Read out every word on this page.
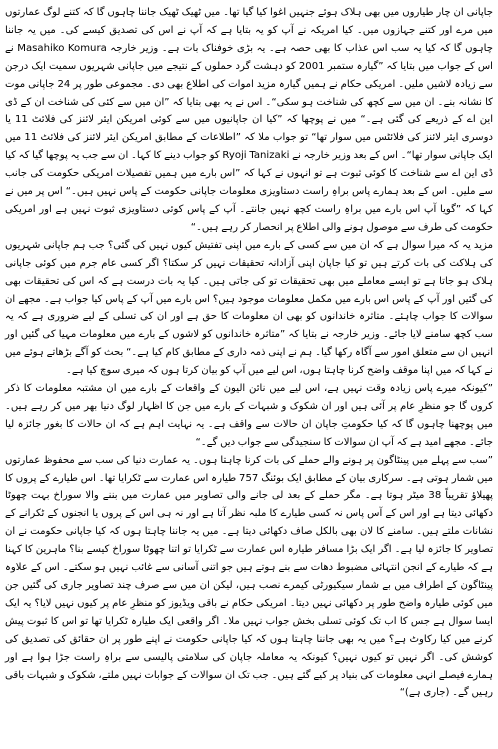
جاپانی ان چار طیاروں میں بھی ہلاک ہوئے جنہیں اغوا کیا گیا تھا۔ میں ٹھیک ٹھیک جاننا چاہوں گا کہ کتنے لوگ عمارتوں میں مرے اور کتنے جہازوں میں۔ کیا امریکہ نے آپ کو یہ بتایا ہے کہ آپ نے اس کی تصدیق کیسے کی۔ میں یہ جاننا چاہوں گا کہ کیا یہ سب اس عذاب کا بھی حصہ ہے۔ یہ بڑی خوفناک بات ہے۔ وزیر خارجہ Masahiko Komura نے اس کے جواب میں بتایا کہ ”گیارہ ستمبر 2001 کو دہشت گرد حملوں کے نتیجے میں جاپانی شہریوں سمیت ایک درجن سے زیادہ لاشیں ملیں۔ امریکی حکام نے ہمیں گیارہ مزید اموات کی اطلاع بھی دی۔ مجموعی طور پر 24 جاپانی موت کا نشانہ بنے۔ ان میں سے کچھ کی شناخت ہو سکی“۔ اس نے یہ بھی بتایا کہ ”ان میں سے کئی کی شناخت ان کے ڈی این اے کے ذریعے کی گئی ہے۔“ میں نے پوچھا کہ ”کیا ان جاپانیوں میں سے کوئی امریکن ایئر لائنز کی فلائٹ 11 یا دوسری ایئر لائنز کی فلائٹس میں سوار تھا“ تو جواب ملا کہ ”اطلاعات کے مطابق امریکن ایئر لائنز کی فلائٹ 11 میں ایک جاپانی سوار تھا“۔ اس کے بعد وزیر خارجہ نے Ryoji Tanizaki کو جواب دینے کا کہا۔ ان سے جب یہ پوچھا گیا کہ کیا ڈی این اے سے شناخت کا کوئی ثبوت ہے تو انہوں نے کہا کہ ”اس بارے میں ہمیں تفصیلات امریکی حکومت کی جانب سے ملیں۔ اس کے بعد ہمارے پاس براہِ راست دستاویزی معلومات جاپانی حکومت کے پاس نہیں ہیں۔“ اس پر میں نے کہا کہ ”گویا آپ اس بارے میں براہِ راست کچھ نہیں جانتے۔ آپ کے پاس کوئی دستاویزی ثبوت نہیں ہے اور امریکی حکومت کی طرف سے موصول ہونے والی اطلاع پر انحصار کر رہے ہیں۔“

مزید یہ کہ میرا سوال ہے کہ ان میں سے کسی کے بارے میں اپنی تفتیش کیوں نہیں کی گئی؟ جب ہم جاپانی شہریوں کی ہلاکت کی بات کرتے ہیں تو کیا جاپان اپنی آزادانہ تحقیقات نہیں کر سکتا؟ اگر کسی عام جرم میں کوئی جاپانی ہلاک ہو جاتا ہے تو ایسے معاملے میں بھی تحقیقات تو کی جاتی ہیں۔ کیا یہ بات درست ہے کہ اس کی تحقیقات بھی کی گئیں اور آپ کے پاس اس بارے میں مکمل معلومات موجود ہیں؟ اس بارے میں آپ کے پاس کیا جواب ہے۔ مجھے ان سوالات کا جواب چاہئے۔ متاثرہ خاندانوں کو بھی ان معلومات کا حق ہے اور ان کی تسلی کے لیے ضروری ہے کہ یہ سب کچھ سامنے لایا جائے۔ وزیر خارجہ نے بتایا کہ ”متاثرہ خاندانوں کو لاشوں کے بارے میں معلومات مہیا کی گئیں اور انہیں ان سے متعلق امور سے آگاہ رکھا گیا۔ ہم نے اپنی ذمہ داری کے مطابق کام کیا ہے۔“ بحث کو آگے بڑھاتے ہوئے میں نے کہا کہ میں اپنا موقف واضح کرنا چاہتا ہوں، اس لیے میں آپ کو بیان کرتا ہوں کہ میری سوچ کیا ہے۔

”کیونکہ میرے پاس زیادہ وقت نہیں ہے، اس لیے میں نائن الیون کے واقعات کے بارے میں ان مشتبہ معلومات کا ذکر کروں گا جو منظرِ عام پر آئی ہیں اور ان شکوک و شبہات کے بارے میں جن کا اظہار لوگ دنیا بھر میں کر رہے ہیں۔ میں پوچھنا چاہوں گا کہ کیا حکومتِ جاپان ان حالات سے واقف ہے۔ یہ نہایت اہم ہے کہ ان حالات کا بغور جائزہ لیا جائے۔ مجھے امید ہے کہ آپ ان سوالات کا سنجیدگی سے جواب دیں گے۔“

”سب سے پہلے میں پینٹاگون پر ہونے والے حملے کی بات کرنا چاہتا ہوں۔ یہ عمارت دنیا کی سب سے محفوظ عمارتوں میں شمار ہوتی ہے۔ سرکاری بیان کے مطابق ایک بوئنگ 757 طیارہ اس عمارت سے ٹکرایا تھا۔ اس طیارے کے پروں کا پھیلاؤ تقریباً 38 میٹر ہوتا ہے۔ مگر حملے کے بعد لی جانے والی تصاویر میں عمارت میں بننے والا سوراخ بہت چھوٹا دکھائی دیتا ہے اور اس کے آس پاس نہ کسی طیارے کا ملبہ نظر آتا ہے اور نہ ہی اس کے پروں یا انجنوں کے ٹکرانے کے نشانات ملتے ہیں۔ سامنے کا لان بھی بالکل صاف دکھائی دیتا ہے۔ میں یہ جاننا چاہتا ہوں کہ کیا جاپانی حکومت نے ان تصاویر کا جائزہ لیا ہے۔ اگر ایک بڑا مسافر طیارہ اس عمارت سے ٹکرایا تو اتنا چھوٹا سوراخ کیسے بنا؟ ماہرین کا کہنا ہے کہ طیارے کے انجن انتہائی مضبوط دھات سے بنے ہوتے ہیں جو اتنی آسانی سے غائب نہیں ہو سکتے۔ اس کے علاوہ پینٹاگون کے اطراف میں بے شمار سیکیورٹی کیمرے نصب ہیں، لیکن ان میں سے صرف چند تصاویر جاری کی گئیں جن میں کوئی طیارہ واضح طور پر دکھائی نہیں دیتا۔ امریکی حکام نے باقی ویڈیوز کو منظرِ عام پر کیوں نہیں لایا؟ یہ ایک ایسا سوال ہے جس کا اب تک کوئی تسلی بخش جواب نہیں ملا۔ اگر واقعی ایک طیارہ ٹکرایا تھا تو اس کا ثبوت پیش کرنے میں کیا رکاوٹ ہے؟ میں یہ بھی جاننا چاہتا ہوں کہ کیا جاپانی حکومت نے اپنے طور پر ان حقائق کی تصدیق کی کوشش کی۔ اگر نہیں تو کیوں نہیں؟ کیونکہ یہ معاملہ جاپان کی سلامتی پالیسی سے براہِ راست جڑا ہوا ہے اور ہمارے فیصلے انہی معلومات کی بنیاد پر کیے گئے ہیں۔ جب تک ان سوالات کے جوابات نہیں ملتے، شکوک و شبہات باقی رہیں گے۔ (جاری ہے)“
